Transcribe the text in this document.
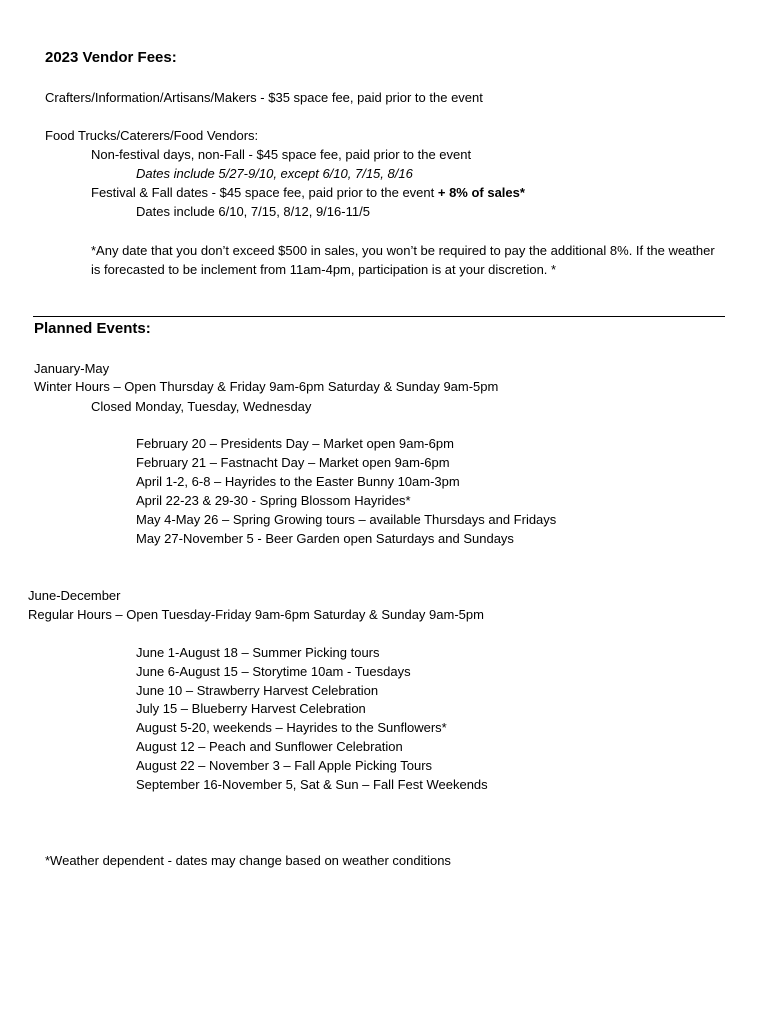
2023 Vendor Fees:
Crafters/Information/Artisans/Makers - $35 space fee, paid prior to the event
Food Trucks/Caterers/Food Vendors:
Non-festival days, non-Fall - $45 space fee, paid prior to the event
Dates include 5/27-9/10, except 6/10, 7/15, 8/16
Festival & Fall dates - $45 space fee, paid prior to the event + 8% of sales*
Dates include 6/10, 7/15, 8/12, 9/16-11/5
*Any date that you don’t exceed $500 in sales, you won’t be required to pay the additional 8%. If the weather is forecasted to be inclement from 11am-4pm, participation is at your discretion. *
Planned Events:
January-May
Winter Hours – Open Thursday & Friday 9am-6pm Saturday & Sunday 9am-5pm
Closed Monday, Tuesday, Wednesday
February 20 – Presidents Day – Market open 9am-6pm
February 21 – Fastnacht Day – Market open 9am-6pm
April 1-2, 6-8 – Hayrides to the Easter Bunny 10am-3pm
April 22-23 & 29-30 - Spring Blossom Hayrides*
May 4-May 26 – Spring Growing tours – available Thursdays and Fridays
May 27-November 5 - Beer Garden open Saturdays and Sundays
June-December
Regular Hours – Open Tuesday-Friday 9am-6pm Saturday & Sunday 9am-5pm
June 1-August 18 – Summer Picking tours
June 6-August 15 – Storytime 10am - Tuesdays
June 10 – Strawberry Harvest Celebration
July 15 – Blueberry Harvest Celebration
August 5-20, weekends – Hayrides to the Sunflowers*
August 12 – Peach and Sunflower Celebration
August 22 – November 3 – Fall Apple Picking Tours
September 16-November 5, Sat & Sun – Fall Fest Weekends
*Weather dependent - dates may change based on weather conditions
